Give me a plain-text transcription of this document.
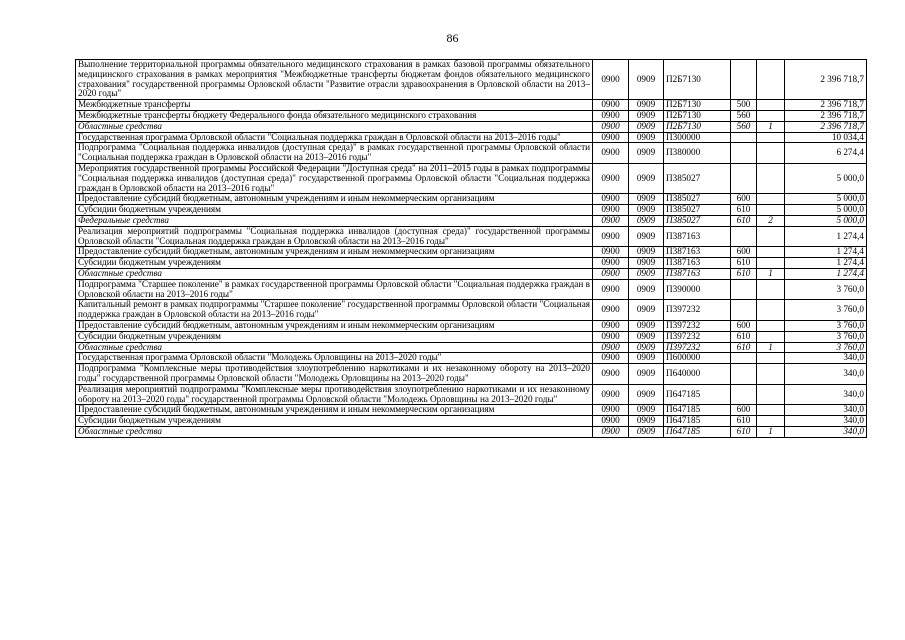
86
Выполнение территориальной программы обязательного медицинского страхования в рамках базовой программы обязательного медицинского страхования в рамках мероприятия "Межбюджетные трансферты бюджетам фондов обязательного медицинского страхования" государственной программы Орловской области "Развитие отрасли здравоохранения в Орловской области на 2013–2020 годы"	0900	0909	П2Б7130			2 396 718,7
Межбюджетные трансферты	0900	0909	П2Б7130	500		2 396 718,7
Межбюджетные трансферты бюджету Федерального фонда обязательного медицинского страхования	0900	0909	П2Б7130	560		2 396 718,7
Областные средства	0900	0909	П2Б7130	560	1	2 396 718,7
Государственная программа Орловской области "Социальная поддержка граждан в Орловской области на 2013–2016 годы"	0900	0909	П300000			10 034,4
Подпрограмма "Социальная поддержка инвалидов (доступная среда)" в рамках государственной программы Орловской области "Социальная поддержка граждан в Орловской области на 2013–2016 годы"	0900	0909	П380000			6 274,4
Мероприятия государственной программы Российской Федерации "Доступная среда" на 2011–2015 годы в рамках подпрограммы "Социальная поддержка инвалидов (доступная среда)" государственной программы Орловской области "Социальная поддержка граждан в Орловской области на 2013–2016 годы"	0900	0909	П385027			5 000,0
Предоставление субсидий бюджетным, автономным учреждениям и иным некоммерческим организациям	0900	0909	П385027	600		5 000,0
Субсидии бюджетным учреждениям	0900	0909	П385027	610		5 000,0
Федеральные средства	0900	0909	П385027	610	2	5 000,0
Реализация мероприятий подпрограммы "Социальная поддержка инвалидов (доступная среда)" государственной программы Орловской области "Социальная поддержка граждан в Орловской области на 2013–2016 годы"	0900	0909	П387163			1 274,4
Предоставление субсидий бюджетным, автономным учреждениям и иным некоммерческим организациям	0900	0909	П387163	600		1 274,4
Субсидии бюджетным учреждениям	0900	0909	П387163	610		1 274,4
Областные средства	0900	0909	П387163	610	1	1 274,4
Подпрограмма "Старшее поколение" в рамках государственной программы Орловской области "Социальная поддержка граждан в Орловской области на 2013–2016 годы"	0900	0909	П390000			3 760,0
Капитальный ремонт в рамках подпрограммы "Старшее поколение" государственной программы Орловской области "Социальная поддержка граждан в Орловской области на 2013–2016 годы"	0900	0909	П397232			3 760,0
Предоставление субсидий бюджетным, автономным учреждениям и иным некоммерческим организациям	0900	0909	П397232	600		3 760,0
Субсидии бюджетным учреждениям	0900	0909	П397232	610		3 760,0
Областные средства	0900	0909	П397232	610	1	3 760,0
Государственная программа Орловской области "Молодежь Орловщины на 2013–2020 годы"	0900	0909	П600000			340,0
Подпрограмма "Комплексные меры противодействия злоупотреблению наркотиками и их незаконному обороту на 2013–2020 годы" государственной программы Орловской области "Молодежь Орловщины на 2013–2020 годы"	0900	0909	П640000			340,0
Реализация мероприятий подпрограммы "Комплексные меры противодействия злоупотреблению наркотиками и их незаконному обороту на 2013–2020 годы" государственной программы Орловской области "Молодежь Орловщины на 2013–2020 годы"	0900	0909	П647185			340,0
Предоставление субсидий бюджетным, автономным учреждениям и иным некоммерческим организациям	0900	0909	П647185	600		340,0
Субсидии бюджетным учреждениям	0900	0909	П647185	610		340,0
Областные средства	0900	0909	П647185	610	1	340,0
